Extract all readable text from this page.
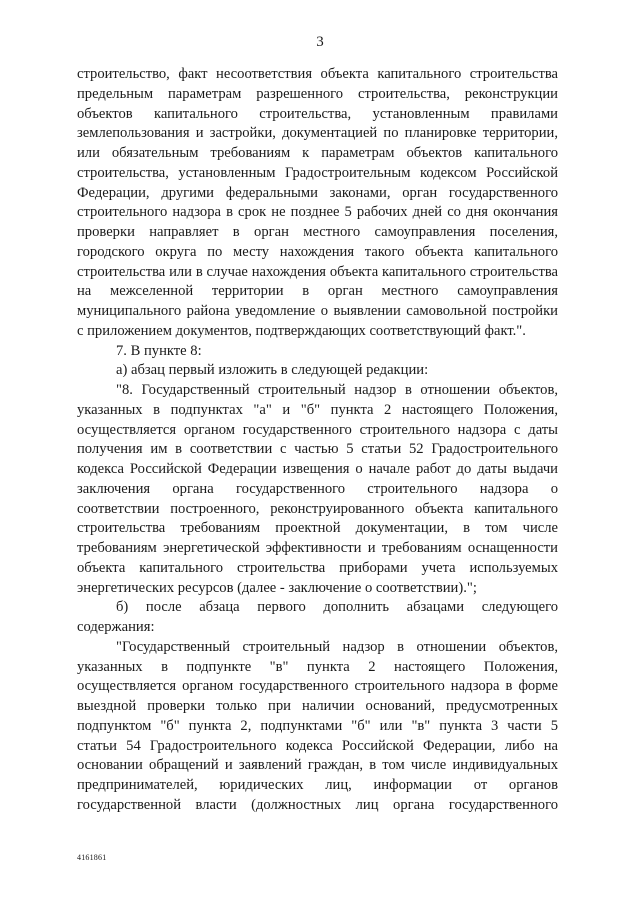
3
строительство, факт несоответствия объекта капитального строительства
предельным параметрам разрешенного строительства, реконструкции
объектов капитального строительства, установленным правилами
землепользования и застройки, документацией по планировке территории,
или обязательным требованиям к параметрам объектов капитального
строительства, установленным Градостроительным кодексом Российской
Федерации, другими федеральными законами, орган государственного
строительного надзора в срок не позднее 5 рабочих дней со дня окончания
проверки направляет в орган местного самоуправления поселения,
городского округа по месту нахождения такого объекта капитального
строительства или в случае нахождения объекта капитального строительства
на межселенной территории в орган местного самоуправления
муниципального района уведомление о выявлении самовольной постройки
с приложением документов, подтверждающих соответствующий факт.".
7. В пункте 8:
а) абзац первый изложить в следующей редакции:
"8. Государственный строительный надзор в отношении объектов,
указанных в подпунктах "а" и "б" пункта 2 настоящего Положения,
осуществляется органом государственного строительного надзора с даты
получения им в соответствии с частью 5 статьи 52 Градостроительного
кодекса Российской Федерации извещения о начале работ до даты выдачи
заключения органа государственного строительного надзора о
соответствии построенного, реконструированного объекта капитального
строительства требованиям проектной документации, в том числе
требованиям энергетической эффективности и требованиям оснащенности
объекта капитального строительства приборами учета используемых
энергетических ресурсов (далее - заключение о соответствии).";
б) после абзаца первого дополнить абзацами следующего
содержания:
"Государственный строительный надзор в отношении объектов,
указанных в подпункте "в" пункта 2 настоящего Положения,
осуществляется органом государственного строительного надзора в форме
выездной проверки только при наличии оснований, предусмотренных
подпунктом "б" пункта 2, подпунктами "б" или "в" пункта 3 части 5
статьи 54 Градостроительного кодекса Российской Федерации, либо на
основании обращений и заявлений граждан, в том числе индивидуальных
предпринимателей, юридических лиц, информации от органов
государственной власти (должностных лиц органа государственного
4161861
